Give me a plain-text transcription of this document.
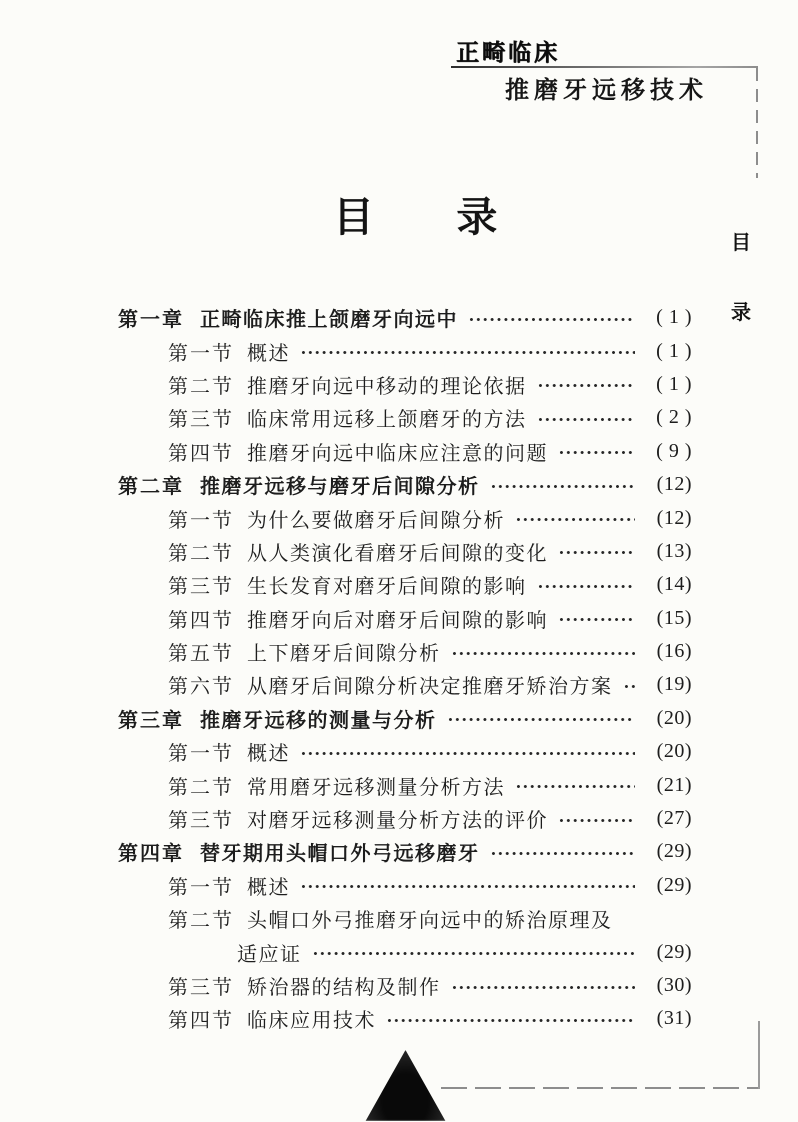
正畸临床
推磨牙远移技术
目
录
目      录
第一章 正畸临床推上颌磨牙向远中	( 1 )
第一节 概述	( 1 )
第二节 推磨牙向远中移动的理论依据	( 1 )
第三节 临床常用远移上颌磨牙的方法	( 2 )
第四节 推磨牙向远中临床应注意的问题	( 9 )
第二章 推磨牙远移与磨牙后间隙分析	(12)
第一节 为什么要做磨牙后间隙分析	(12)
第二节 从人类演化看磨牙后间隙的变化	(13)
第三节 生长发育对磨牙后间隙的影响	(14)
第四节 推磨牙向后对磨牙后间隙的影响	(15)
第五节 上下磨牙后间隙分析	(16)
第六节 从磨牙后间隙分析决定推磨牙矫治方案	(19)
第三章 推磨牙远移的测量与分析	(20)
第一节 概述	(20)
第二节 常用磨牙远移测量分析方法	(21)
第三节 对磨牙远移测量分析方法的评价	(27)
第四章 替牙期用头帽口外弓远移磨牙	(29)
第一节 概述	(29)
第二节 头帽口外弓推磨牙向远中的矫治原理及
适应证	(29)
第三节 矫治器的结构及制作	(30)
第四节 临床应用技术	(31)
